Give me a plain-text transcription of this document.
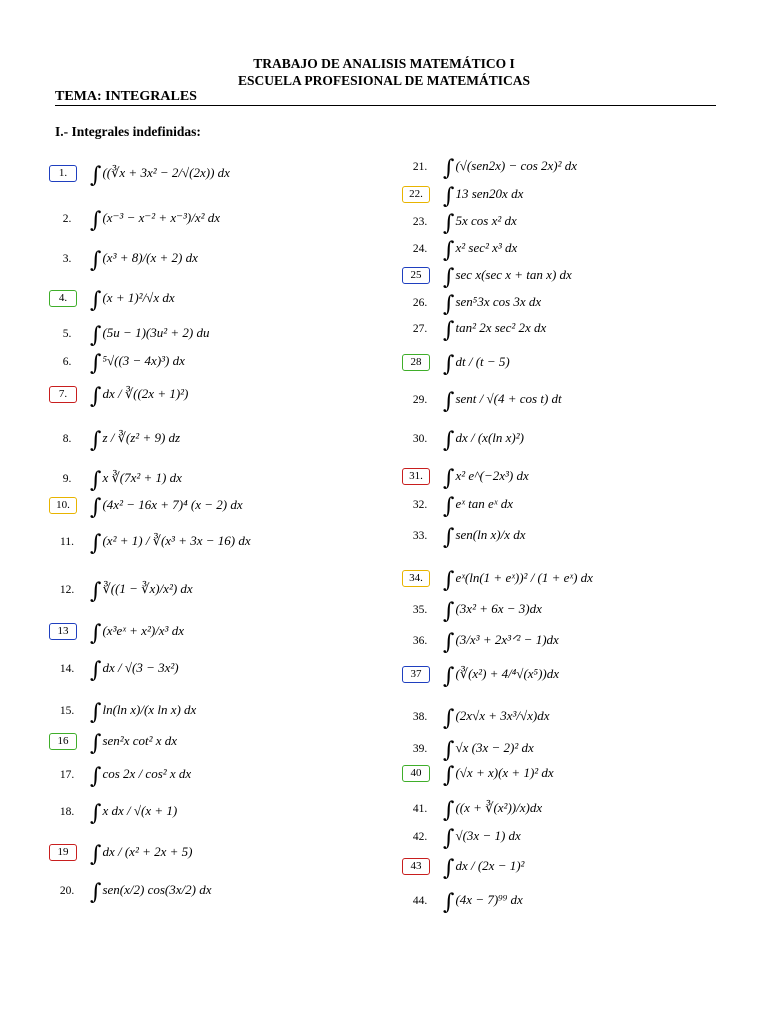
TRABAJO DE ANALISIS MATEMÁTICO I
ESCUELA PROFESIONAL DE MATEMÁTICAS
TEMA: INTEGRALES
I.- Integrales indefinidas:
1.	∫((∛x + 3x² − 2/√(2x)) dx
2. ∫(x⁻³ − x⁻² + x⁻³)/x² dx
3. ∫(x³ + 8)/(x + 2) dx
4.	∫(x + 1)²/√x dx
5. ∫(5u − 1)(3u² + 2) du
6. ∫⁵√((3 − 4x)³) dx
7.	∫dx / ∛((2x + 1)²)
8. ∫z / ∛(z² + 9) dz
9. ∫x ∛(7x² + 1) dx
10. ∫(4x² − 16x + 7)⁴ (x − 2) dx
11. ∫(x² + 1) / ∛(x³ + 3x − 16) dx
12. ∫∛((1 − ∛x)/x²) dx
13 ∫(x³eˣ + x²)/x³ dx
14. ∫dx / √(3 − 3x²)
15. ∫ln(ln x)/(x ln x) dx
16 ∫sen²x cot² x dx
17. ∫cos 2x / cos² x dx
18. ∫x dx / √(x + 1)
19 ∫dx / (x² + 2x + 5)
20. ∫sen(x/2) cos(3x/2) dx
21. ∫(√(sen2x) − cos 2x)² dx
22. ∫13 sen20x dx
23. ∫5x cos x² dx
24. ∫x² sec² x³ dx
25 ∫sec x(sec x + tan x) dx
26. ∫sen⁵3x cos 3x dx
27. ∫tan² 2x sec² 2x dx
28 ∫dt / (t − 5)
29. ∫sent / √(4 + cos t) dt
30. ∫dx / (x(ln x)²)
31. ∫x² e^(−2x³) dx
32. ∫eˣ tan eˣ dx
33. ∫sen(ln x)/x dx
34. ∫eˣ(ln(1 + eˣ))² / (1 + eˣ) dx
35. ∫(3x² + 6x − 3)dx
36. ∫(3/x³ + 2x³ᐟ² − 1)dx
37 ∫(∛(x²) + 4/⁴√(x⁵))dx
38. ∫(2x√x + 3x³/√x)dx
39. ∫√x (3x − 2)² dx
40 ∫(√x + x)(x + 1)² dx
41. ∫((x + ∛(x²))/x)dx
42. ∫√(3x − 1) dx
43 ∫dx / (2x − 1)²
44. ∫(4x − 7)⁹⁹ dx
